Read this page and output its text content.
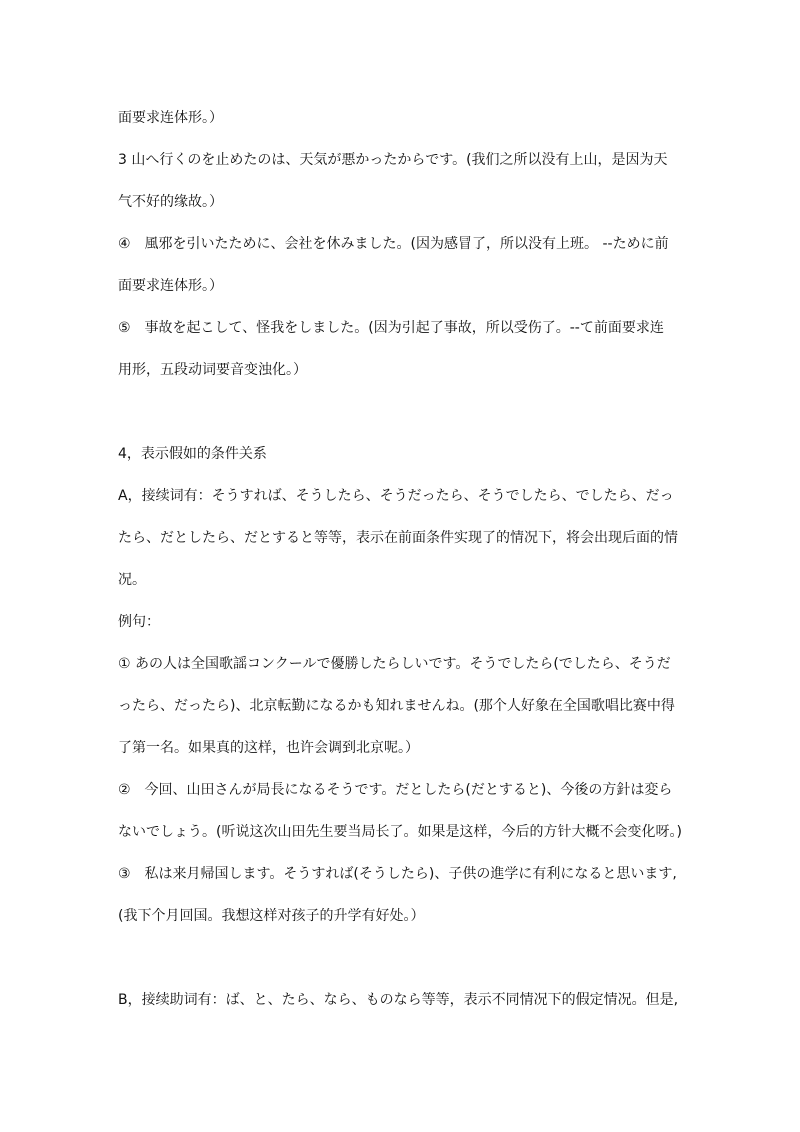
面要求连体形。）
3 山へ行くのを止めたのは、天気が悪かったからです。(我们之所以没有上山，是因为天
气不好的缘故。）
④　風邪を引いたために、会社を休みました。(因为感冒了，所以没有上班。 --ために前
面要求连体形。）
⑤　事故を起こして、怪我をしました。(因为引起了事故，所以受伤了。--て前面要求连
用形，五段动词要音变浊化。）
4，表示假如的条件关系
A，接续词有：そうすれば、そうしたら、そうだったら、そうでしたら、でしたら、だっ
たら、だとしたら、だとすると等等，表示在前面条件实现了的情况下，将会出现后面的情
况。
例句：
① あの人は全国歌謡コンクールで優勝したらしいです。そうでしたら(でしたら、そうだ
ったら、だったら)、北京転勤になるかも知れませんね。(那个人好象在全国歌唱比赛中得
了第一名。如果真的这样，也许会调到北京呢。）
②　今回、山田さんが局長になるそうです。だとしたら(だとすると)、今後の方針は変ら
ないでしょう。(听说这次山田先生要当局长了。如果是这样，今后的方针大概不会变化呀。)
③　私は来月帰国します。そうすれば(そうしたら)、子供の進学に有利になると思います,
(我下个月回国。我想这样对孩子的升学有好处。）
B，接续助词有：ば、と、たら、なら、ものなら等等，表示不同情况下的假定情况。但是,
